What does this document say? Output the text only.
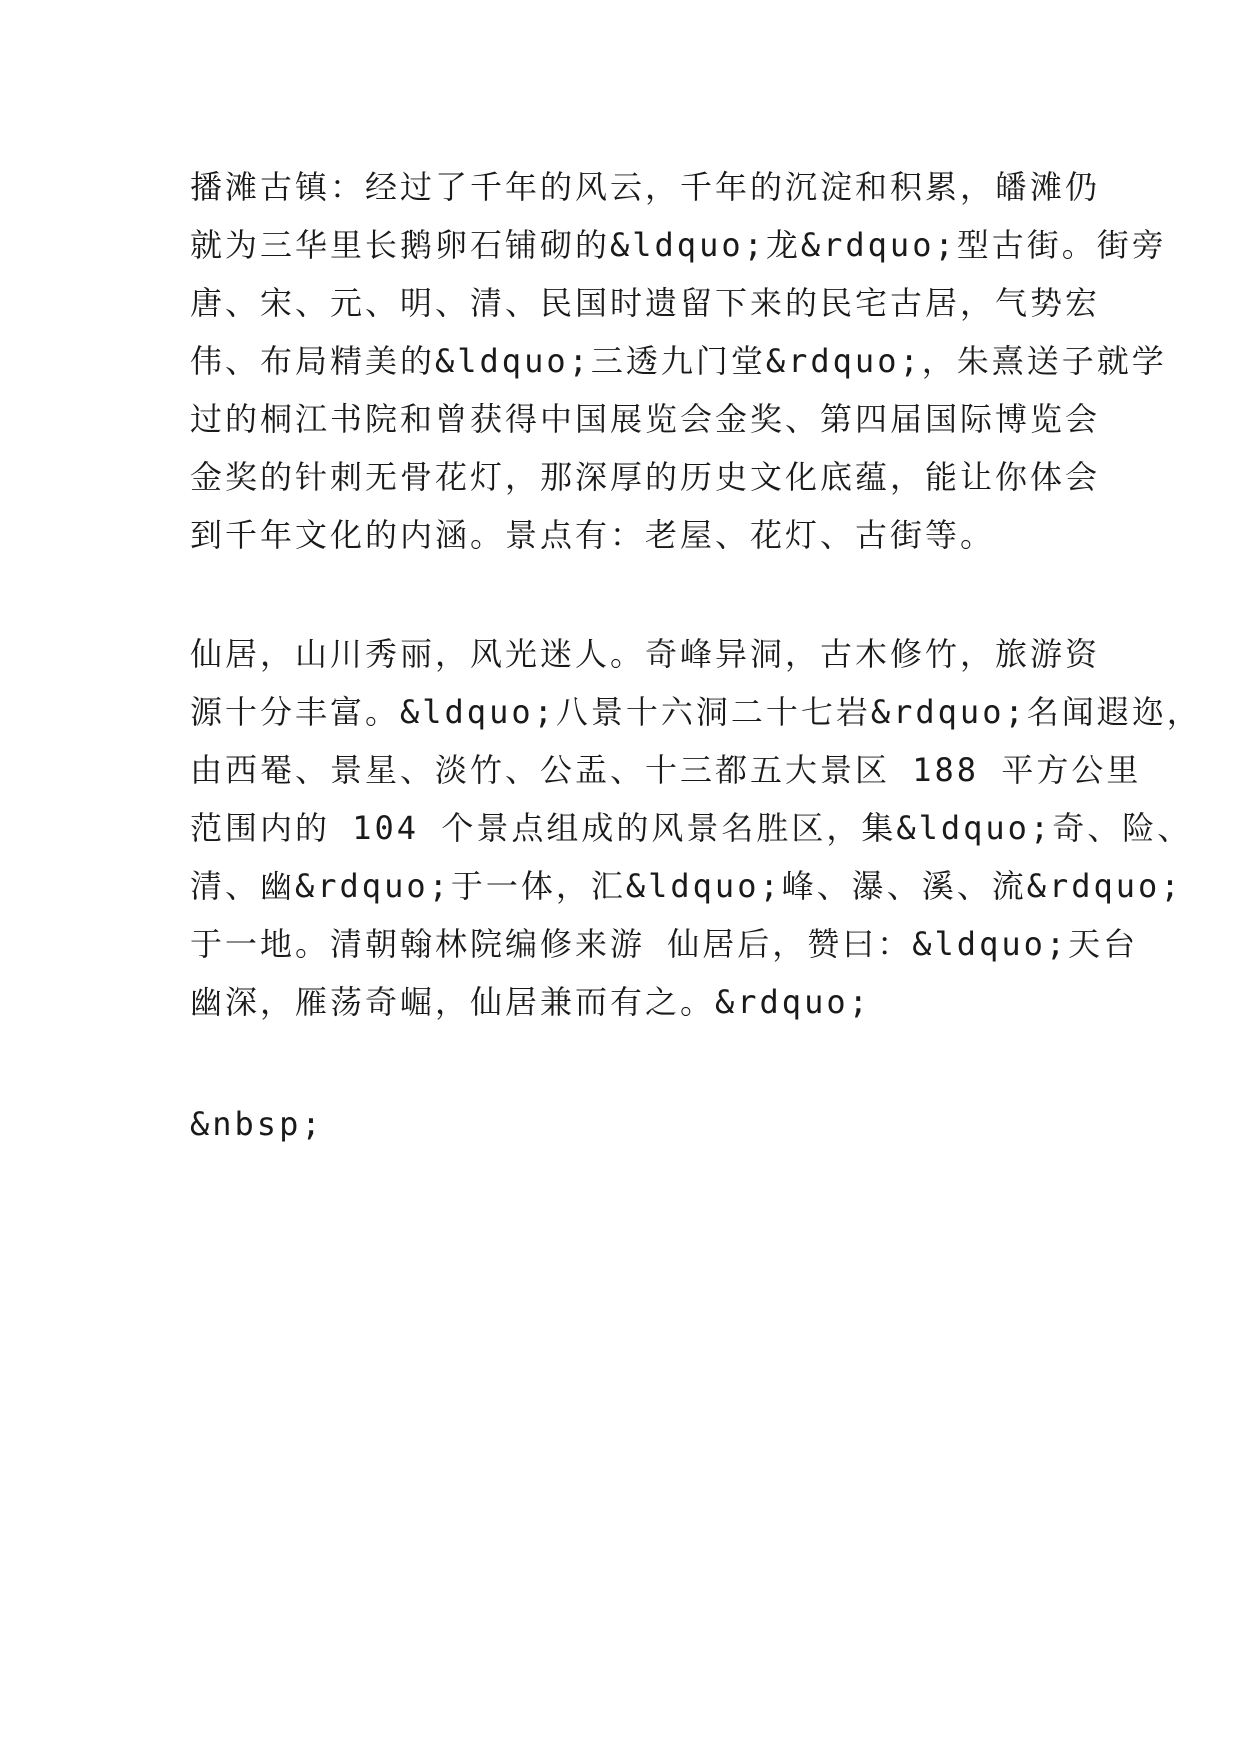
播滩古镇：经过了千年的风云，千年的沉淀和积累，皤滩仍
就为三华里长鹅卵石铺砌的&ldquo;龙&rdquo;型古街。街旁
唐、宋、元、明、清、民国时遗留下来的民宅古居，气势宏
伟、布局精美的&ldquo;三透九门堂&rdquo;，朱熹送子就学
过的桐江书院和曾获得中国展览会金奖、第四届国际博览会
金奖的针刺无骨花灯，那深厚的历史文化底蕴，能让你体会
到千年文化的内涵。景点有：老屋、花灯、古街等。

仙居，山川秀丽，风光迷人。奇峰异洞，古木修竹，旅游资
源十分丰富。&ldquo;八景十六洞二十七岩&rdquo;名闻遐迩，
由西罨、景星、淡竹、公盂、十三都五大景区 188 平方公里
范围内的 104 个景点组成的风景名胜区，集&ldquo;奇、险、
清、幽&rdquo;于一体，汇&ldquo;峰、瀑、溪、流&rdquo;
于一地。清朝翰林院编修来游 仙居后，赞曰：&ldquo;天台
幽深，雁荡奇崛，仙居兼而有之。&rdquo;

&nbsp;
